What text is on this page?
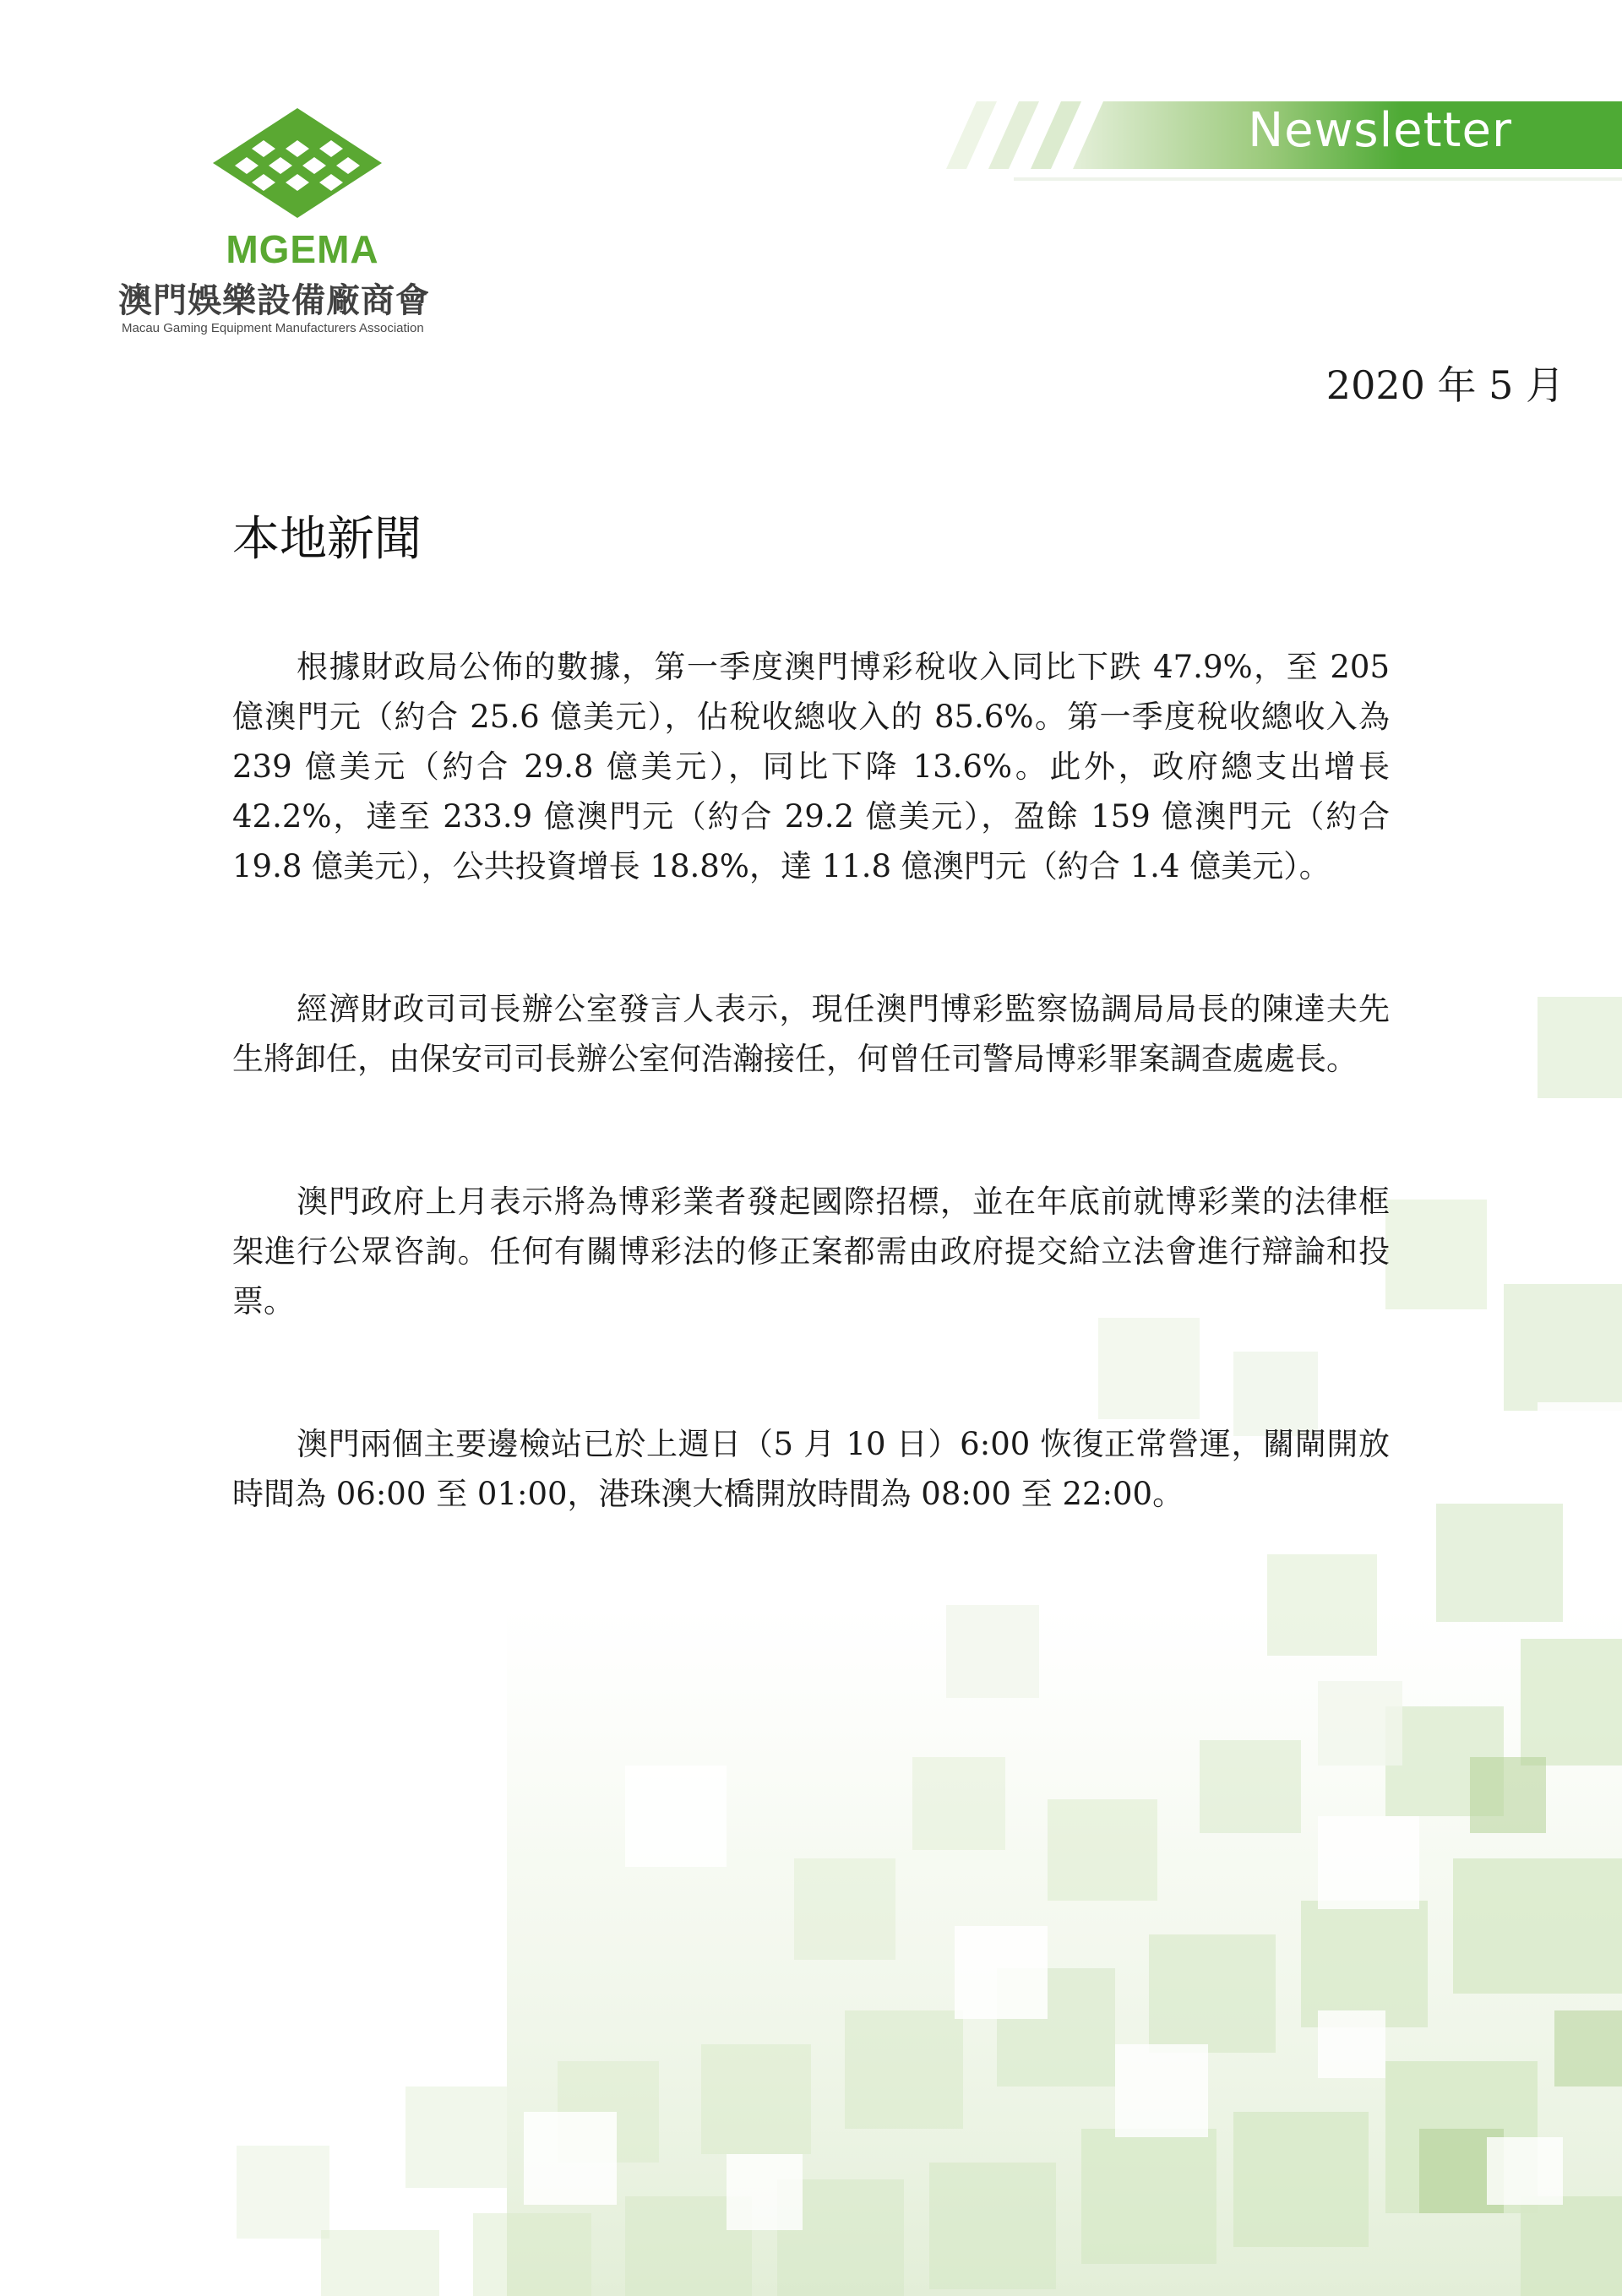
MGEMA
澳門娛樂設備廠商會
Macau Gaming Equipment Manufacturers Association
Newsletter
2020 年 5 月
本地新聞

根據財政局公佈的數據，第一季度澳門博彩稅收入同比下跌 47.9%，至 205 億澳門元（約合 25.6 億美元），佔稅收總收入的 85.6%。第一季度稅收總收入為 239 億美元（約合 29.8 億美元），同比下降 13.6%。此外，政府總支出增長 42.2%，達至 233.9 億澳門元（約合 29.2 億美元），盈餘 159 億澳門元（約合 19.8 億美元），公共投資增長 18.8%，達 11.8 億澳門元（約合 1.4 億美元）。

經濟財政司司長辦公室發言人表示，現任澳門博彩監察協調局局長的陳達夫先生將卸任，由保安司司長辦公室何浩瀚接任，何曾任司警局博彩罪案調查處處長。

澳門政府上月表示將為博彩業者發起國際招標，並在年底前就博彩業的法律框架進行公眾咨詢。任何有關博彩法的修正案都需由政府提交給立法會進行辯論和投票。

澳門兩個主要邊檢站已於上週日（5 月 10 日）6:00 恢復正常營運，關閘開放時間為 06:00 至 01:00，港珠澳大橋開放時間為 08:00 至 22:00。
